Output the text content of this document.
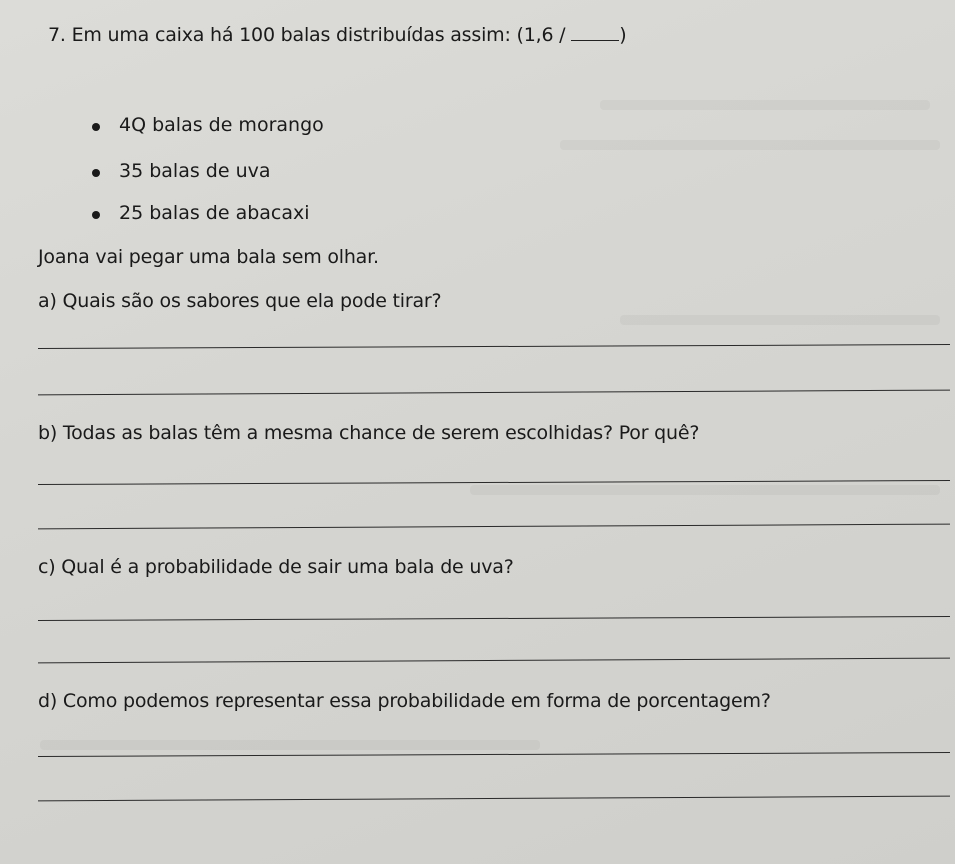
7. Em uma caixa há 100 balas distribuídas assim: (1,6 /	)
4Q balas de morango
35 balas de uva
25 balas de abacaxi
Joana vai pegar uma bala sem olhar.
a) Quais são os sabores que ela pode tirar?
b) Todas as balas têm a mesma chance de serem escolhidas? Por quê?
c) Qual é a probabilidade de sair uma bala de uva?
d) Como podemos representar essa probabilidade em forma de porcentagem?
